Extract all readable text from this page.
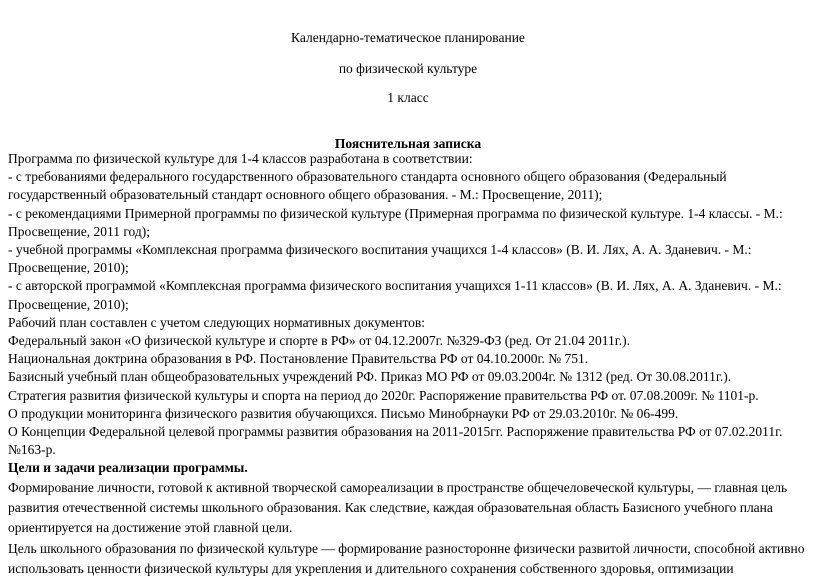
Календарно-тематическое планирование
по физической культуре
1 класс
Пояснительная записка

Программа по физической культуре для 1-4 классов разработана в соответствии:

- с требованиями федерального государственного образовательного стандарта основного общего образования (Федеральный государственный образовательный стандарт основного общего образования. - М.: Просвещение, 2011);

- с рекомендациями Примерной программы по физической культуре (Примерная программа по физической культуре. 1-4 классы. - М.: Просвещение, 2011 год);

- учебной программы «Комплексная программа физического воспитания учащихся 1-4 классов» (В. И. Лях, А. А. Зданевич. - М.: Просвещение, 2010);

- с авторской программой «Комплексная программа физического воспитания учащихся 1-11 классов» (В. И. Лях, А. А. Зданевич. - М.: Просвещение, 2010);

Рабочий план составлен с учетом следующих нормативных документов:

Федеральный закон «О физической культуре и спорте в РФ» от 04.12.2007г. №329-ФЗ (ред. От 21.04 2011г.).

Национальная доктрина образования в РФ. Постановление Правительства РФ от 04.10.2000г. № 751.

Базисный учебный план общеобразовательных учреждений РФ. Приказ МО РФ от 09.03.2004г. № 1312 (ред. От 30.08.2011г.).

Стратегия развития физической культуры и спорта на период до 2020г. Распоряжение правительства РФ от. 07.08.2009г. № 1101-р.

О продукции мониторинга физического развития обучающихся. Письмо Минобрнауки РФ от 29.03.2010г. № 06-499.

О Концепции Федеральной целевой программы развития образования на 2011-2015гг. Распоряжение правительства РФ от 07.02.2011г. №163-р.

Цели и задачи реализации программы.

Формирование личности, готовой к активной творческой самореализации в пространстве общечеловеческой культуры, — главная цель развития отечественной системы школьного образования. Как следствие, каждая образовательная область Базисного учебного плана ориентируется на достижение этой главной цели.

Цель школьного образования по физической культуре — формирование разносторонне физически развитой личности, способной активно использовать ценности физической культуры для укрепления и длительного сохранения собственного здоровья, оптимизации
